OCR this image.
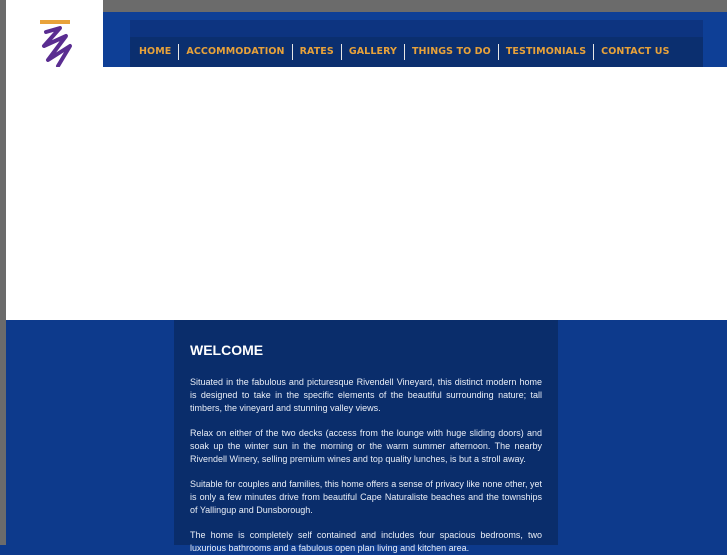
HOME	ACCOMMODATION	RATES	GALLERY	THINGS TO DO	TESTIMONIALS	CONTACT US
WELCOME

Situated in the fabulous and picturesque Rivendell Vineyard, this distinct modern home is designed to take in the specific elements of the beautiful surrounding nature; tall timbers, the vineyard and stunning valley views.

Relax on either of the two decks (access from the lounge with huge sliding doors) and soak up the winter sun in the morning or the warm summer afternoon. The nearby Rivendell Winery, selling premium wines and top quality lunches, is but a stroll away.

Suitable for couples and families, this home offers a sense of privacy like none other, yet is only a few minutes drive from beautiful Cape Naturaliste beaches and the townships of Yallingup and Dunsborough.

The home is completely self contained and includes four spacious bedrooms, two luxurious bathrooms and a fabulous open plan living and kitchen area.
